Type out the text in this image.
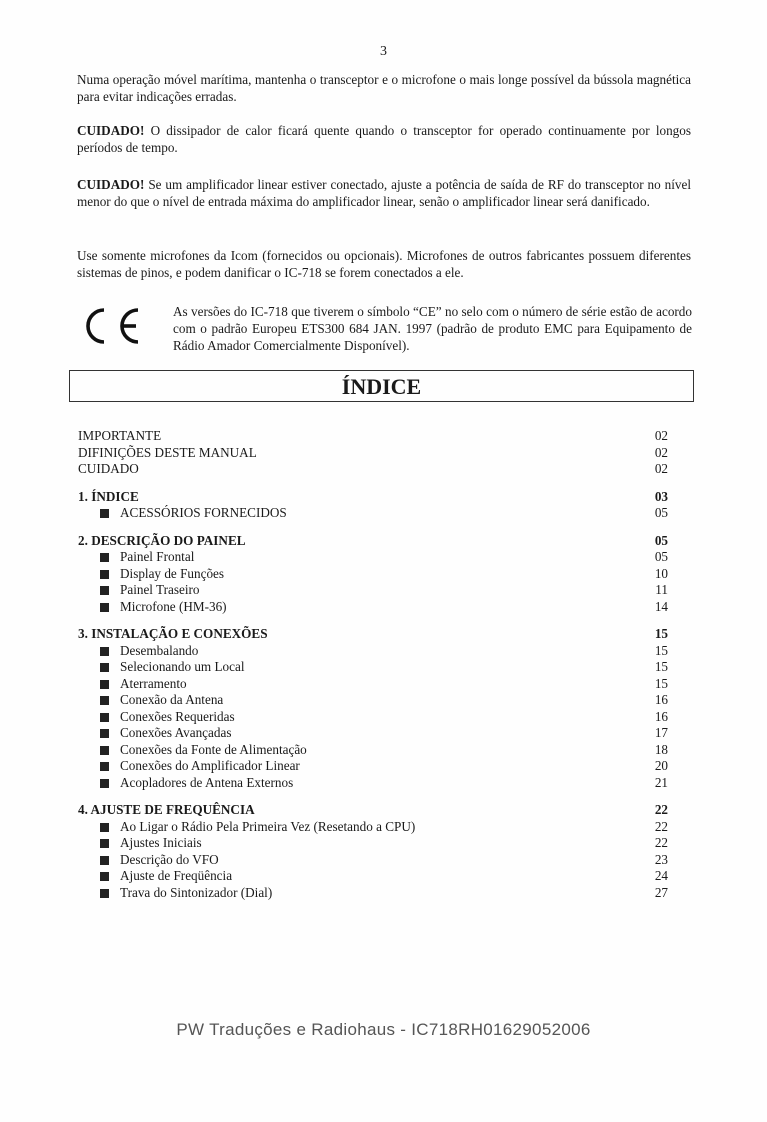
3

Numa operação móvel marítima, mantenha o transceptor e o microfone o mais longe possível da bússola magnética para evitar indicações erradas.

CUIDADO! O dissipador de calor ficará quente quando o transceptor for operado continuamente por longos períodos de tempo.

CUIDADO! Se um amplificador linear estiver conectado, ajuste a potência de saída de RF do transceptor no nível menor do que o nível de entrada máxima do amplificador linear, senão o amplificador linear será danificado.

Use somente microfones da Icom (fornecidos ou opcionais). Microfones de outros fabricantes possuem diferentes sistemas de pinos, e podem danificar o IC-718 se forem conectados a ele.

As versões do IC-718 que tiverem o símbolo “CE” no selo com o número de série estão de acordo com o padrão Europeu ETS300 684 JAN. 1997 (padrão de produto EMC para Equipamento de Rádio Amador Comercialmente Disponível).

ÍNDICE
IMPORTANTE	02
DIFINIÇÕES DESTE MANUAL	02
CUIDADO	02
1. ÍNDICE	03
ACESSÓRIOS FORNECIDOS	05
2. DESCRIÇÃO DO PAINEL	05
Painel Frontal	05
Display de Funções	10
Painel Traseiro	11
Microfone (HM-36)	14
3. INSTALAÇÃO E CONEXÕES	15
Desembalando	15
Selecionando um Local	15
Aterramento	15
Conexão da Antena	16
Conexões Requeridas	16
Conexões Avançadas	17
Conexões da Fonte de Alimentação	18
Conexões do Amplificador Linear	20
Acopladores de Antena Externos	21
4. AJUSTE DE FREQUÊNCIA	22
Ao Ligar o Rádio Pela Primeira Vez (Resetando a CPU)	22
Ajustes Iniciais	22
Descrição do VFO	23
Ajuste de Freqüência	24
Trava do Sintonizador (Dial)	27
PW Traduções e Radiohaus - IC718RH01629052006
